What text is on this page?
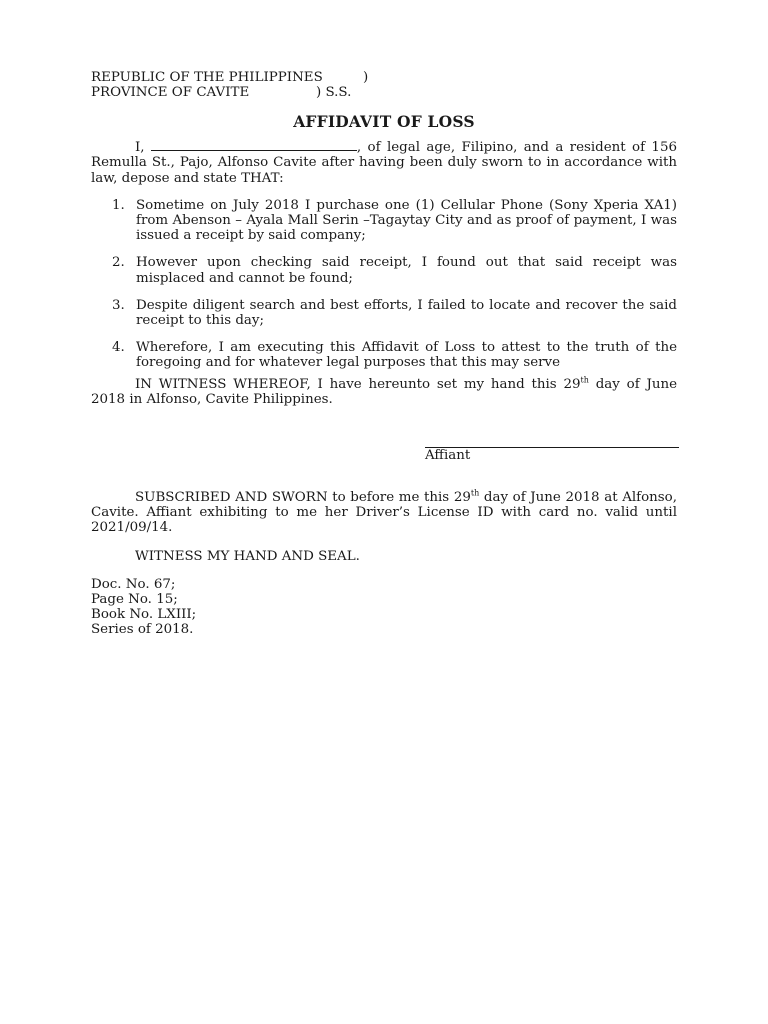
REPUBLIC OF THE PHILIPPINES	)
PROVINCE OF CAVITE	) S.S.
AFFIDAVIT OF LOSS

I,	, of legal age, Filipino, and a resident of 156 Remulla St., Pajo, Alfonso Cavite after having been duly sworn to in accordance with law, depose and state THAT:

1. Sometime on July 2018 I purchase one (1) Cellular Phone (Sony Xperia XA1) from Abenson – Ayala Mall Serin –Tagaytay City and as proof of payment, I was issued a receipt by said company;
2. However upon checking said receipt, I found out that said receipt was misplaced and cannot be found;
3. Despite diligent search and best efforts, I failed to locate and recover the said receipt to this day;
4. Wherefore, I am executing this Affidavit of Loss to attest to the truth of the foregoing and for whatever legal purposes that this may serve

IN WITNESS WHEREOF, I have hereunto set my hand this 29th day of June 2018 in Alfonso, Cavite Philippines.

Affiant

SUBSCRIBED AND SWORN to before me this 29th day of June 2018 at Alfonso, Cavite. Affiant exhibiting to me her Driver’s License ID with card no. valid until 2021/09/14.

WITNESS MY HAND AND SEAL.

Doc. No. 67;
Page No. 15;
Book No. LXIII;
Series of 2018.
